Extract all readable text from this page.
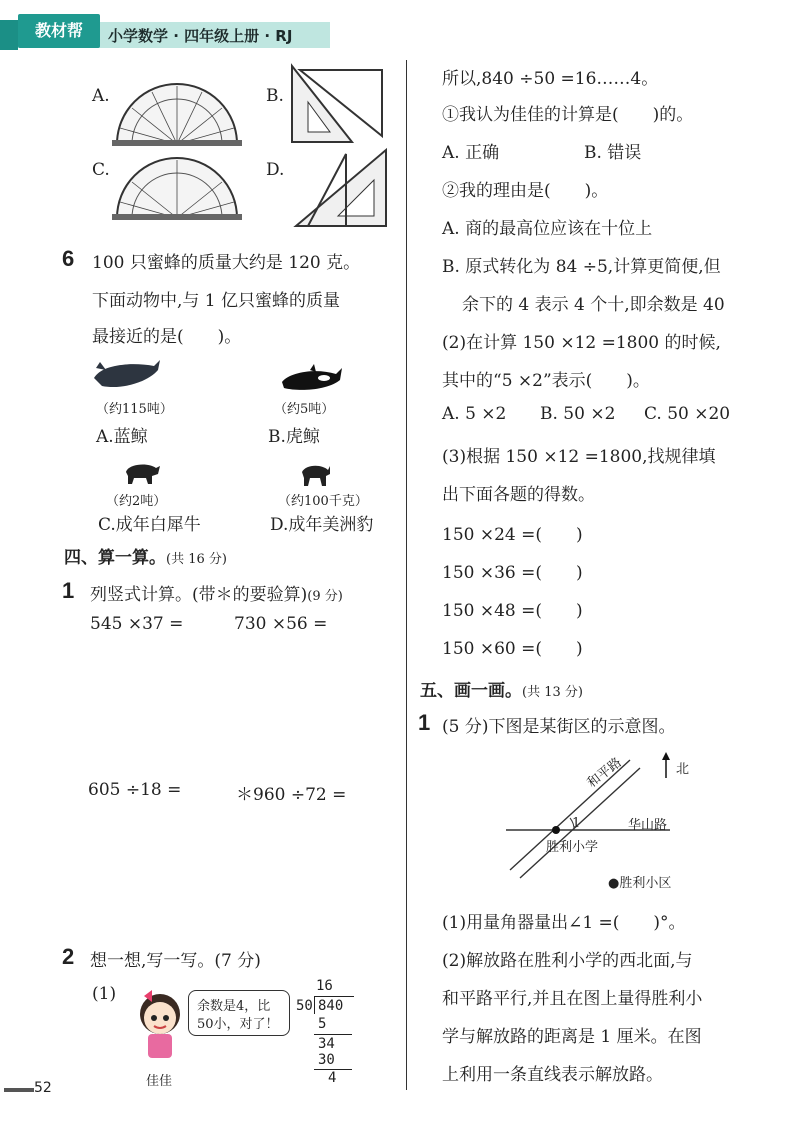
教材帮	小学数学 · 四年级上册 · RJ
A.	B.
C.	D.
6 100 只蜜蜂的质量大约是 120 克。
下面动物中,与 1 亿只蜜蜂的质量
最接近的是(　　)。
（约115吨）
A.蓝鲸
（约5吨）
B.虎鲸
（约2吨）
C.成年白犀牛
（约100千克）
D.成年美洲豹
四、算一算。(共 16 分)
1 列竖式计算。(带＊的要验算)(9 分)
545 ×37 =	730 ×56 =
605 ÷18 =	＊960 ÷72 =
2 想一想,写一写。(7 分)
(1)
余数是4，比
50小，对了！
佳佳
16
50 840
5
34
30
4
52
所以,840 ÷50 =16……4。
①我认为佳佳的计算是(　　)的。
A. 正确	B. 错误
②我的理由是(　　)。
A. 商的最高位应该在十位上
B. 原式转化为 84 ÷5,计算更简便,但
余下的 4 表示 4 个十,即余数是 40
(2)在计算 150 ×12 =1800 的时候,
其中的“5 ×2”表示(　　)。
A. 5 ×2 B. 50 ×2 C. 50 ×20
(3)根据 150 ×12 =1800,找规律填
出下面各题的得数。
150 ×24 =(　　)
150 ×36 =(　　)
150 ×48 =(　　)
150 ×60 =(　　)
五、画一画。(共 13 分)
1 (5 分)下图是某街区的示意图。
和平路	北
1	华山路
胜利小学
●胜利小区
(1)用量角器量出∠1 =(　　)°。
(2)解放路在胜利小学的西北面,与
和平路平行,并且在图上量得胜利小
学与解放路的距离是 1 厘米。在图
上利用一条直线表示解放路。
